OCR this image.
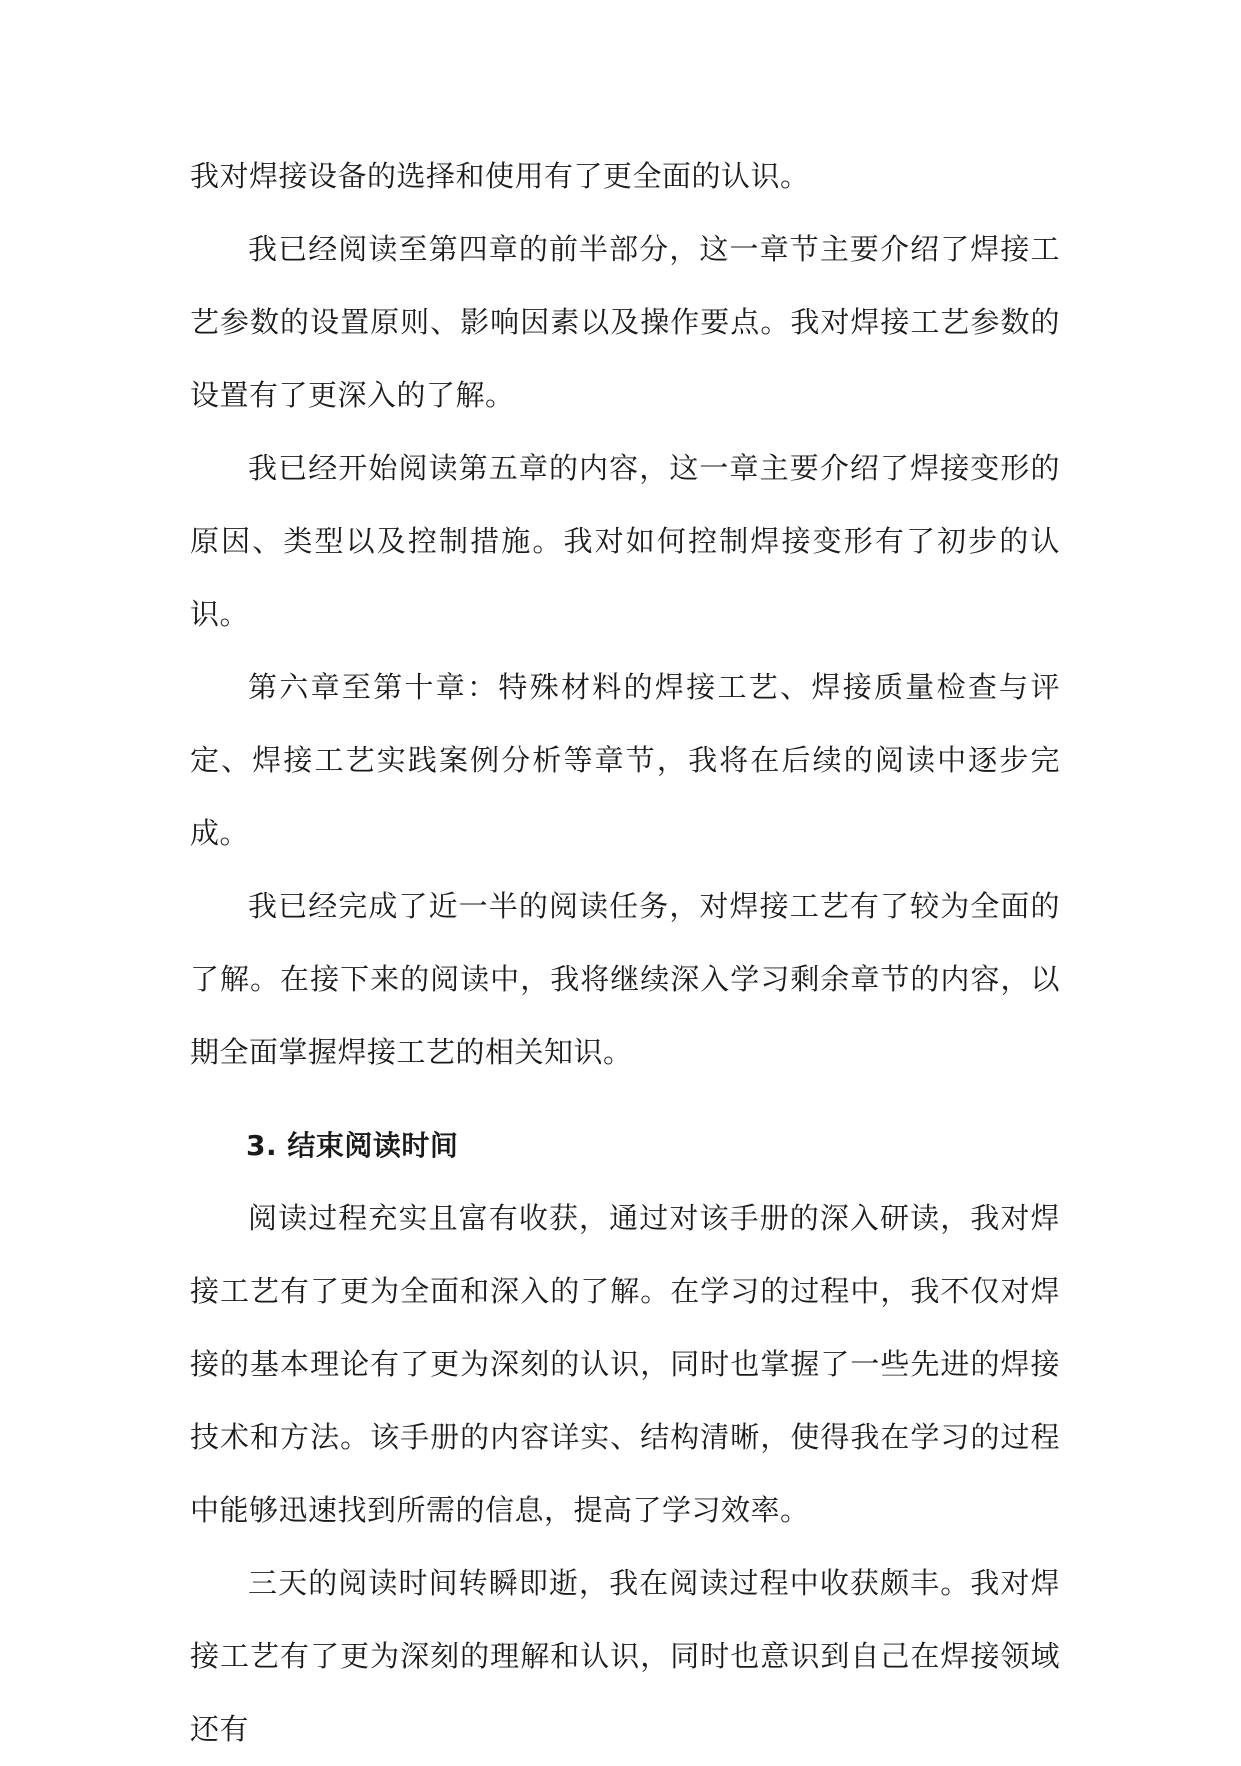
我对焊接设备的选择和使用有了更全面的认识。

我已经阅读至第四章的前半部分，这一章节主要介绍了焊接工艺参数的设置原则、影响因素以及操作要点。我对焊接工艺参数的设置有了更深入的了解。

我已经开始阅读第五章的内容，这一章主要介绍了焊接变形的原因、类型以及控制措施。我对如何控制焊接变形有了初步的认识。

第六章至第十章：特殊材料的焊接工艺、焊接质量检查与评定、焊接工艺实践案例分析等章节，我将在后续的阅读中逐步完成。

我已经完成了近一半的阅读任务，对焊接工艺有了较为全面的了解。在接下来的阅读中，我将继续深入学习剩余章节的内容，以期全面掌握焊接工艺的相关知识。

3. 结束阅读时间

阅读过程充实且富有收获，通过对该手册的深入研读，我对焊接工艺有了更为全面和深入的了解。在学习的过程中，我不仅对焊接的基本理论有了更为深刻的认识，同时也掌握了一些先进的焊接技术和方法。该手册的内容详实、结构清晰，使得我在学习的过程中能够迅速找到所需的信息，提高了学习效率。

三天的阅读时间转瞬即逝，我在阅读过程中收获颇丰。我对焊接工艺有了更为深刻的理解和认识，同时也意识到自己在焊接领域还有
